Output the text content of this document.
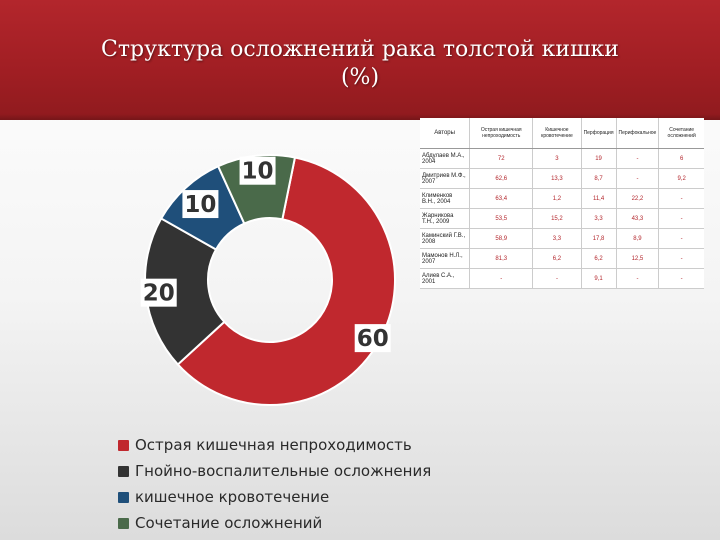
Структура осложнений рака толстой кишки
(%)
60
20
10
10
Авторы	Острая кишечная непроходимость	Кишечное кровотечение	Перфорация	Перифокальное	Сочетание осложнений
Абдулаев М.А., 2004	72	3	19	-	6
Дмитриев М.Ф., 2007	62,6	13,3	8,7	-	9,2
Клименков В.Н., 2004	63,4	1,2	11,4	22,2	-
Жарникова Т.Н., 2009	53,5	15,2	3,3	43,3	-
Каминский Г.В., 2008	58,9	3,3	17,8	8,9	-
Мамонов Н.Л., 2007	81,3	6,2	6,2	12,5	-
Алиев С.А., 2001	-	-	9,1	-	-
Острая кишечная непроходимость
Гнойно-воспалительные осложнения
кишечное кровотечение
Сочетание осложнений
